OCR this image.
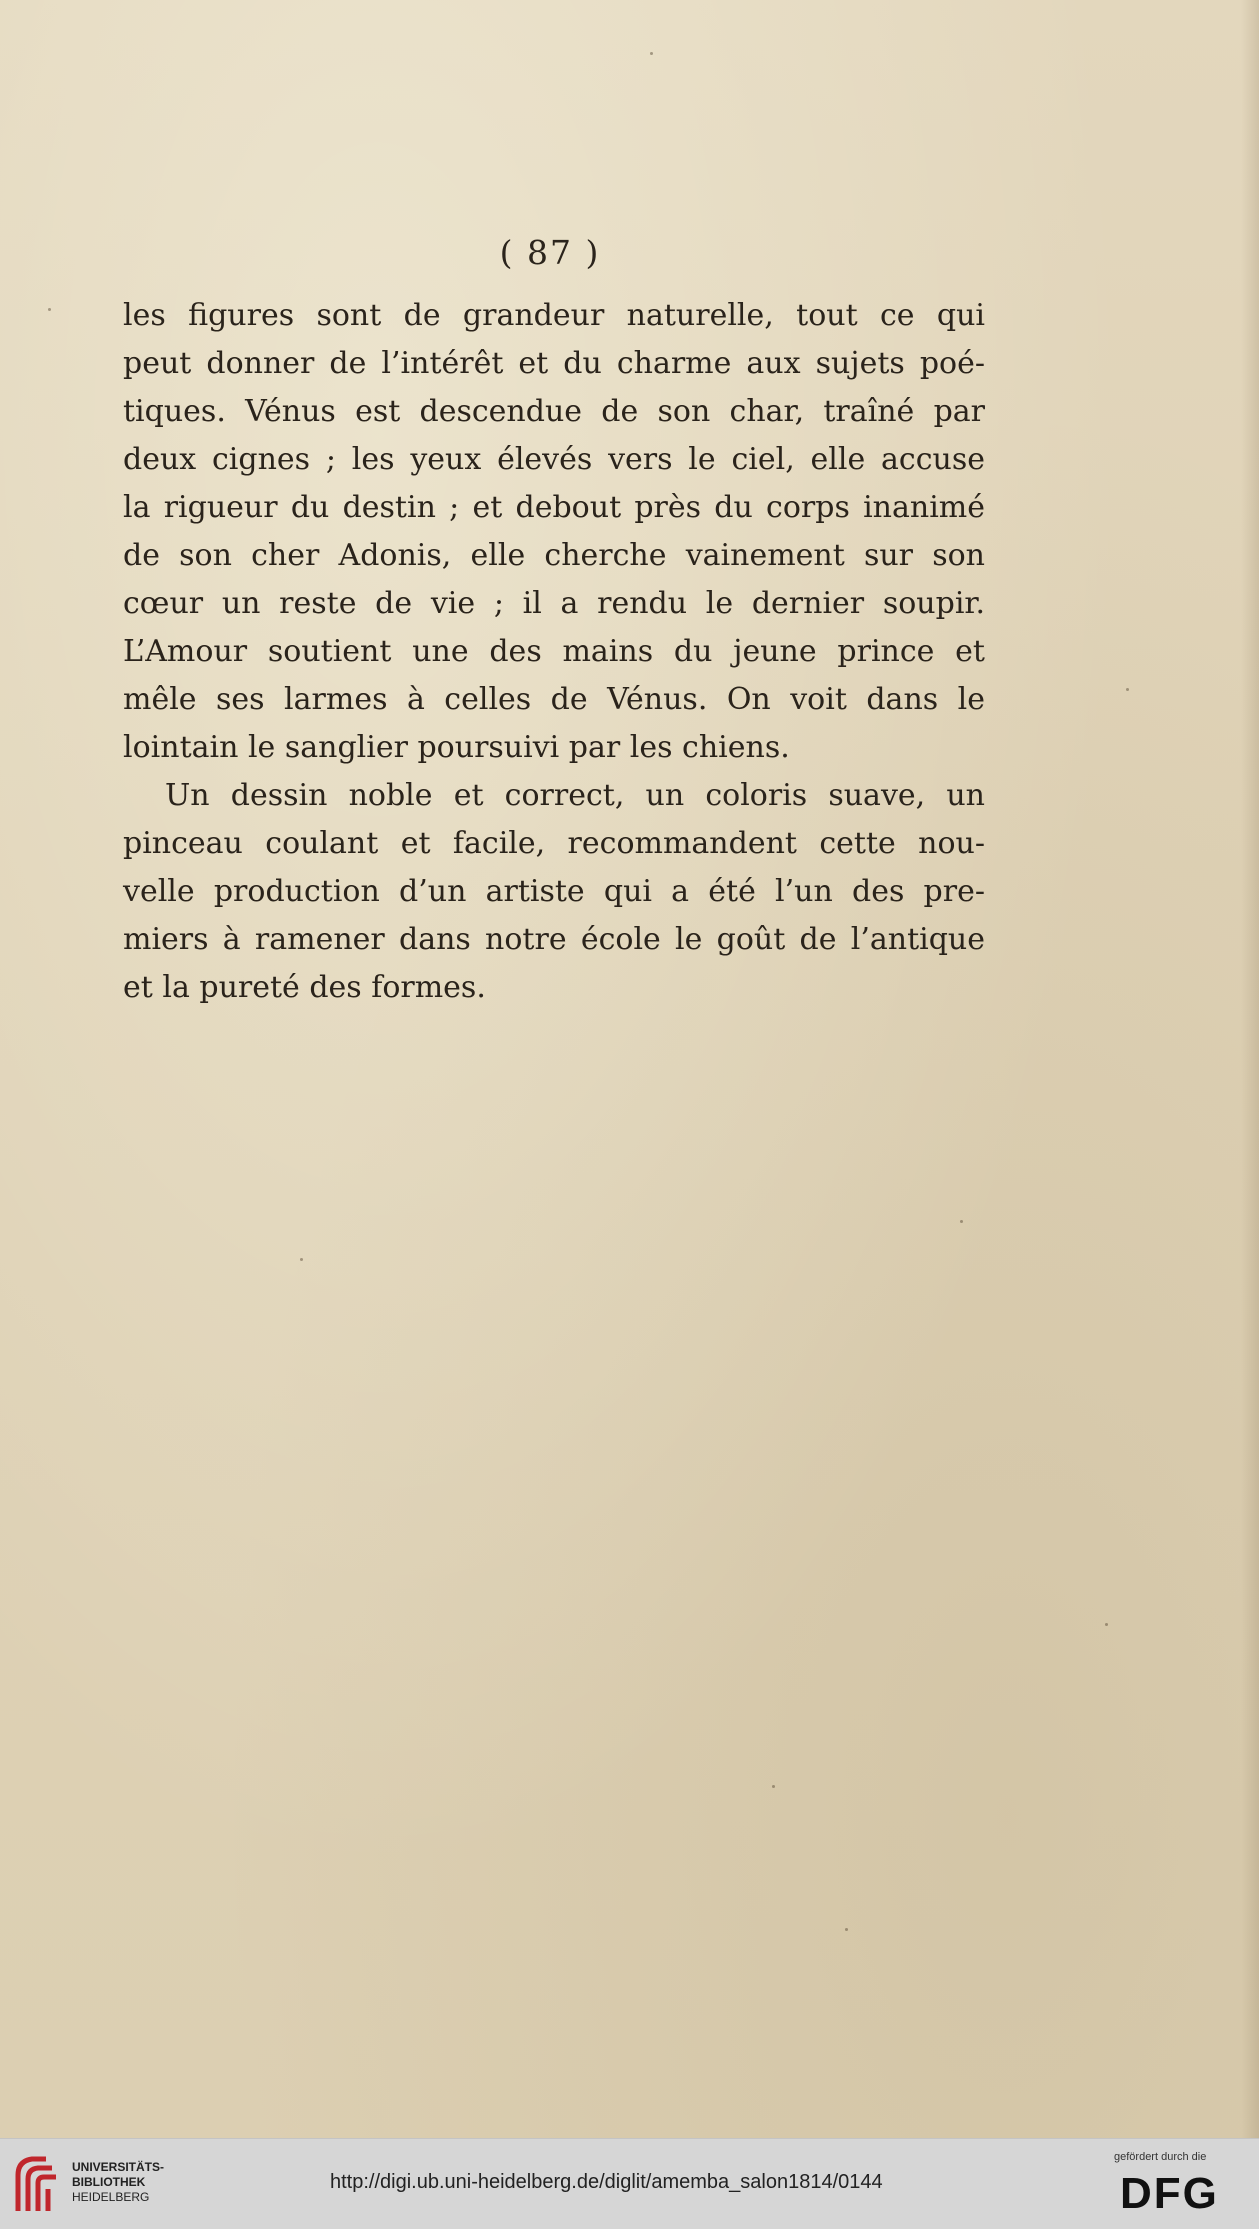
( 87 )
les figures sont de grandeur naturelle, tout ce qui
peut donner de l’intérêt et du charme aux sujets poé-
tiques. Vénus est descendue de son char, traîné par
deux cignes ; les yeux élevés vers le ciel, elle accuse
la rigueur du destin ; et debout près du corps inanimé
de son cher Adonis, elle cherche vainement sur son
cœur un reste de vie ; il a rendu le dernier soupir.
L’Amour soutient une des mains du jeune prince et
mêle ses larmes à celles de Vénus. On voit dans le
lointain le sanglier poursuivi par les chiens.
Un dessin noble et correct, un coloris suave, un
pinceau coulant et facile, recommandent cette nou-
velle production d’un artiste qui a été l’un des pre-
miers à ramener dans notre école le goût de l’antique
et la pureté des formes.
UNIVERSITÄTS-
BIBLIOTHEK
HEIDELBERG
http://digi.ub.uni-heidelberg.de/diglit/amemba_salon1814/0144
gefördert durch die
DFG
